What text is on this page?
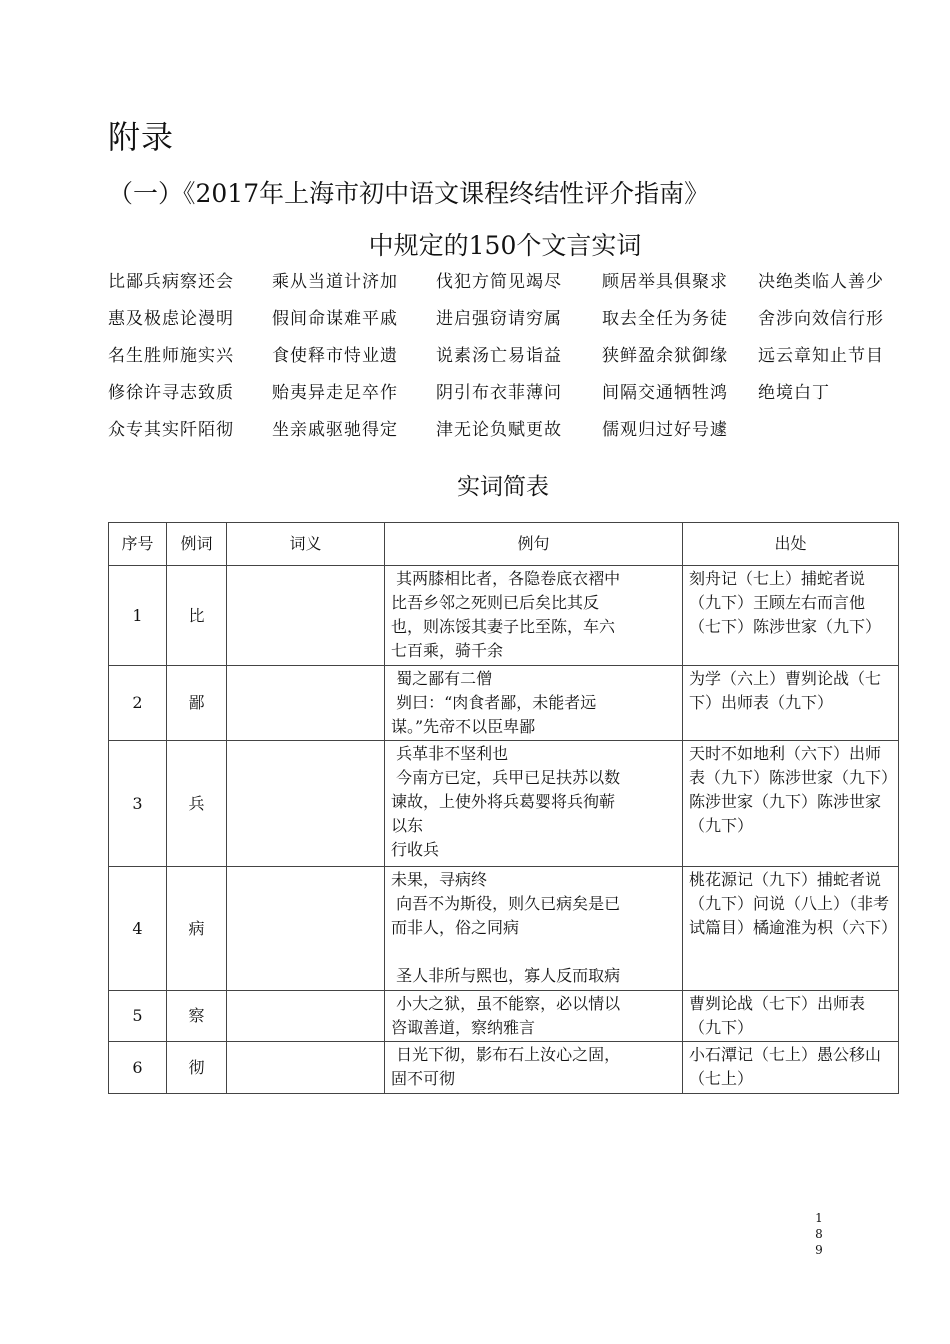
附录
（一）《2017年上海市初中语文课程终结性评介指南》
中规定的150个文言实词
比鄙兵病察还会	乘从当道计济加	伐犯方简见竭尽	顾居举具俱聚求	决绝类临人善少
惠及极虑论漫明	假间命谋难平戚	进启强窃请穷属	取去全任为务徒	舍涉向效信行形
名生胜师施实兴	食使释市恃业遗	说素汤亡易诣益	狭鲜盈余狱御缘	远云章知止节目
修徐许寻志致质	贻夷异走足卒作	阴引布衣菲薄问	间隔交通牺牲鸿	绝境白丁
众专其实阡陌彻	坐亲戚驱驰得定	津无论负赋更故	儒观归过好号遽
实词简表
序号	例词	词义	例句	出处
1	比		其两膝相比者，各隐卷底衣褶中
比吾乡邻之死则已后矣比其反
也，则冻馁其妻子比至陈，车六
七百乘，骑千余	刻舟记（七上）捕蛇者说（九下）王顾左右而言他（七下）陈涉世家（九下）
2	鄙		蜀之鄙有二僧
刿曰：“肉食者鄙，未能者远
谋。”先帝不以臣卑鄙	为学（六上）曹刿论战（七下）出师表（九下）
3	兵		兵革非不坚利也
今南方已定，兵甲已足扶苏以数
谏故，上使外将兵葛婴将兵徇蕲
以东
行收兵	天时不如地利（六下）出师表（九下）陈涉世家（九下）陈涉世家（九下）陈涉世家（九下）
4	病		未果，寻病终
向吾不为斯役，则久已病矣是已
而非人，俗之同病

圣人非所与熙也，寡人反而取病	桃花源记（九下）捕蛇者说（九下）问说（八上）（非考试篇目）橘逾淮为枳（六下）
5	察		小大之狱，虽不能察，必以情以
咨诹善道，察纳雅言	曹刿论战（七下）出师表（九下）
6	彻		日光下彻，影布石上汝心之固，
固不可彻	小石潭记（七上）愚公移山（七上）
1
8
9
